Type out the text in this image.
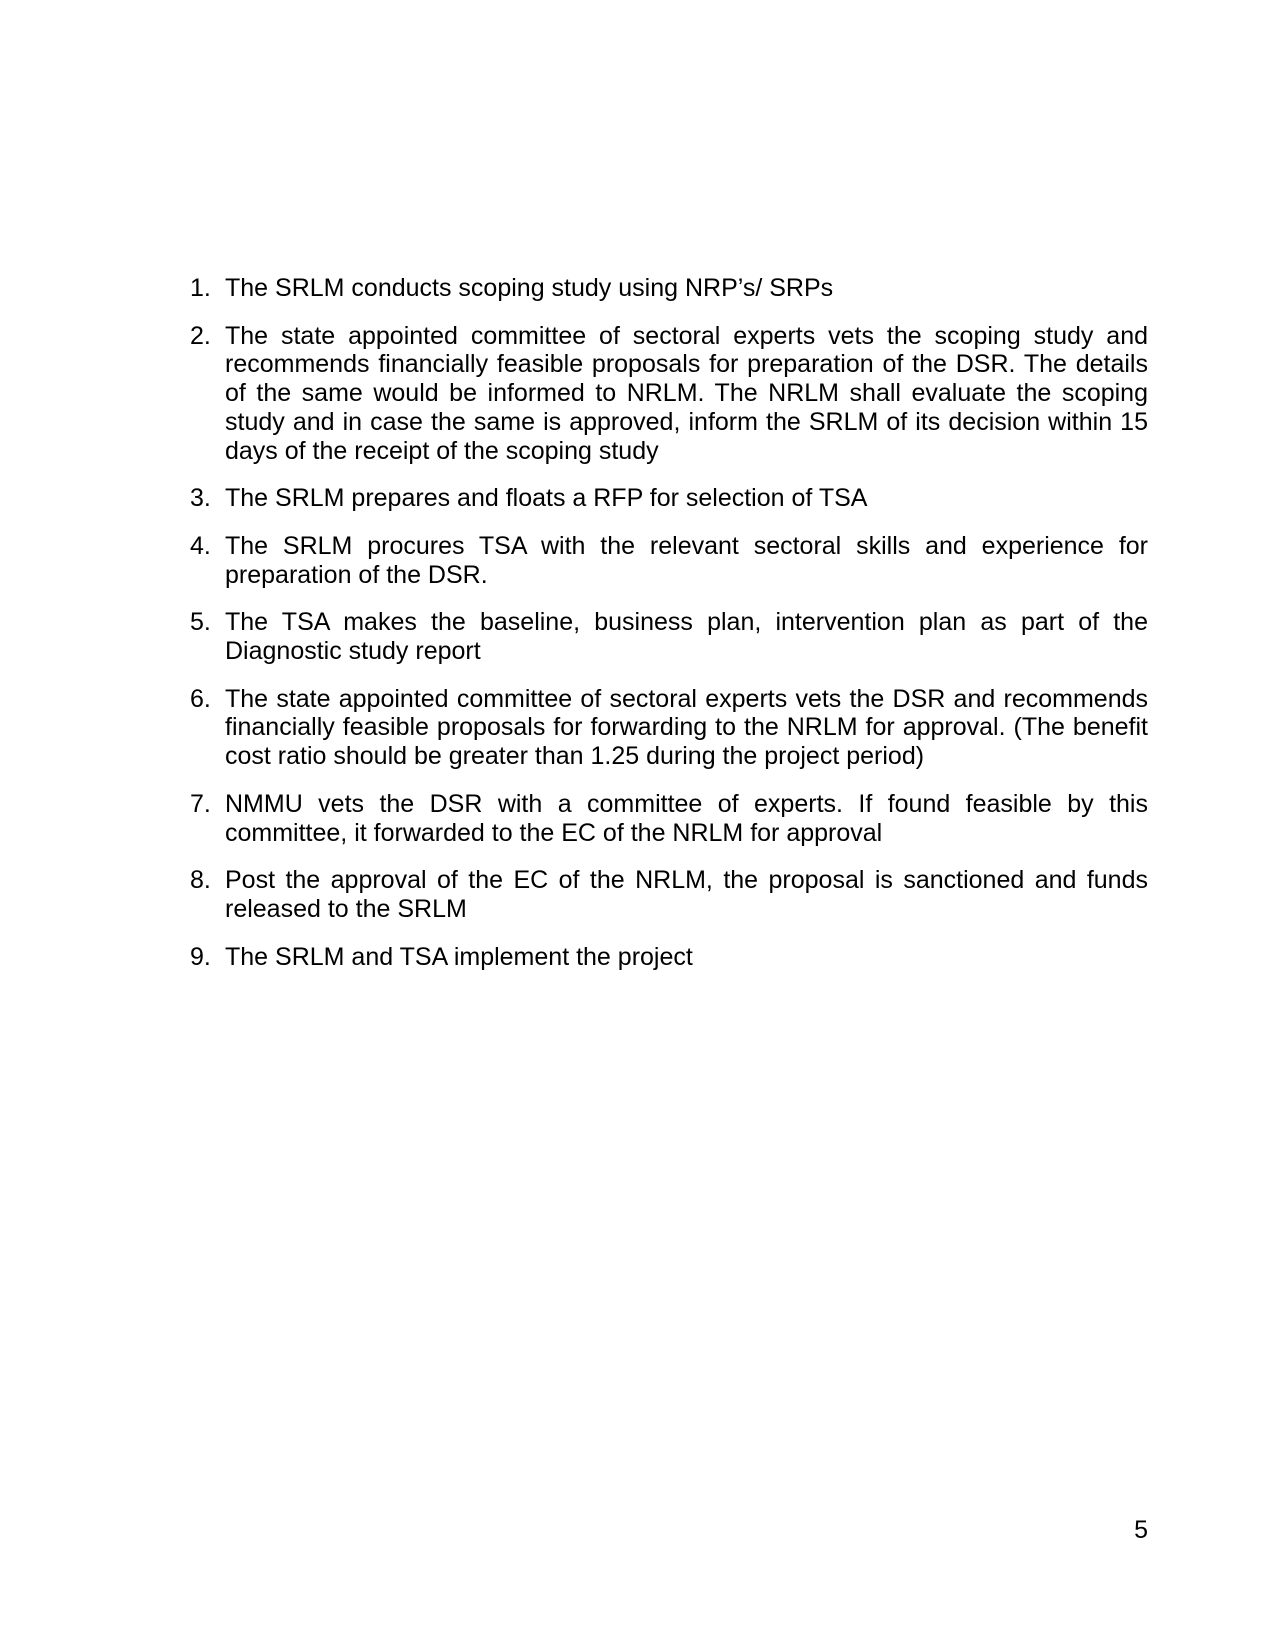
1. The SRLM conducts scoping study using NRP’s/ SRPs
2. The state appointed committee of sectoral experts vets the scoping study and recommends financially feasible proposals for preparation of the DSR. The details of the same would be informed to NRLM. The NRLM shall evaluate the scoping study and in case the same is approved, inform the SRLM of its decision within 15 days of the receipt of the scoping study
3. The SRLM prepares and floats a RFP for selection of TSA
4. The SRLM procures TSA with the relevant sectoral skills and experience for preparation of the DSR.
5. The TSA makes the baseline, business plan, intervention plan as part of the Diagnostic study report
6. The state appointed committee of sectoral experts vets the DSR and recommends financially feasible proposals for forwarding to the NRLM for approval. (The benefit cost ratio should be greater than 1.25 during the project period)
7. NMMU vets the DSR with a committee of experts. If found feasible by this committee, it forwarded to the EC of the NRLM for approval
8. Post the approval of the EC of the NRLM, the proposal is sanctioned and funds released to the SRLM
9. The SRLM and TSA implement the project
5
